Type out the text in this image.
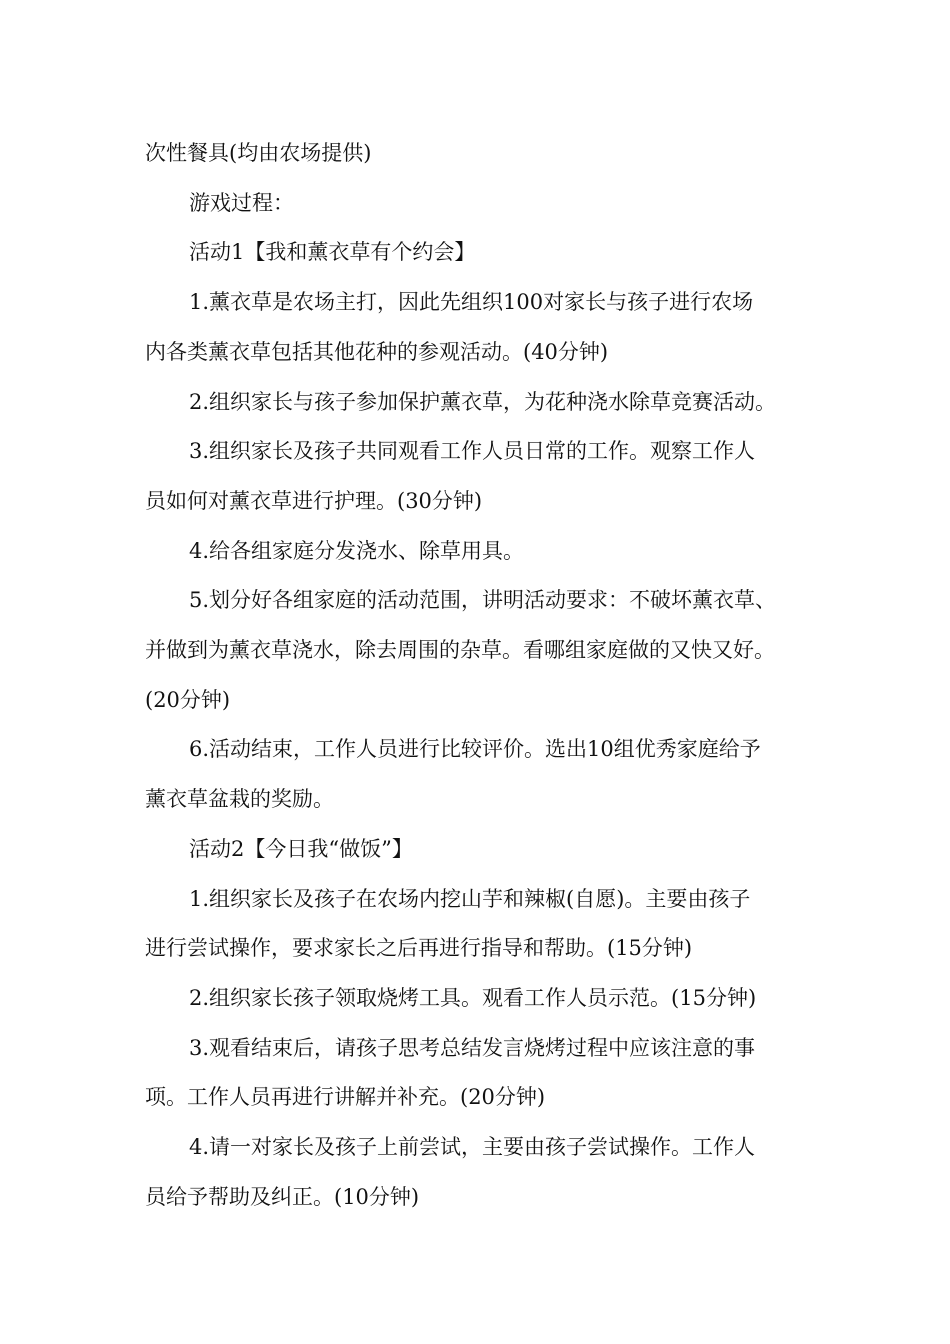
次性餐具(均由农场提供)

游戏过程：

活动1【我和薰衣草有个约会】

1.薰衣草是农场主打，因此先组织100对家长与孩子进行农场

内各类薰衣草包括其他花种的参观活动。(40分钟)

2.组织家长与孩子参加保护薰衣草，为花种浇水除草竞赛活动。

3.组织家长及孩子共同观看工作人员日常的工作。观察工作人

员如何对薰衣草进行护理。(30分钟)

4.给各组家庭分发浇水、除草用具。

5.划分好各组家庭的活动范围，讲明活动要求：不破坏薰衣草、

并做到为薰衣草浇水，除去周围的杂草。看哪组家庭做的又快又好。

(20分钟)

6.活动结束，工作人员进行比较评价。选出10组优秀家庭给予

薰衣草盆栽的奖励。

活动2【今日我“做饭”】

1.组织家长及孩子在农场内挖山芋和辣椒(自愿)。主要由孩子

进行尝试操作，要求家长之后再进行指导和帮助。(15分钟)

2.组织家长孩子领取烧烤工具。观看工作人员示范。(15分钟)

3.观看结束后，请孩子思考总结发言烧烤过程中应该注意的事

项。工作人员再进行讲解并补充。(20分钟)

4.请一对家长及孩子上前尝试，主要由孩子尝试操作。工作人

员给予帮助及纠正。(10分钟)
